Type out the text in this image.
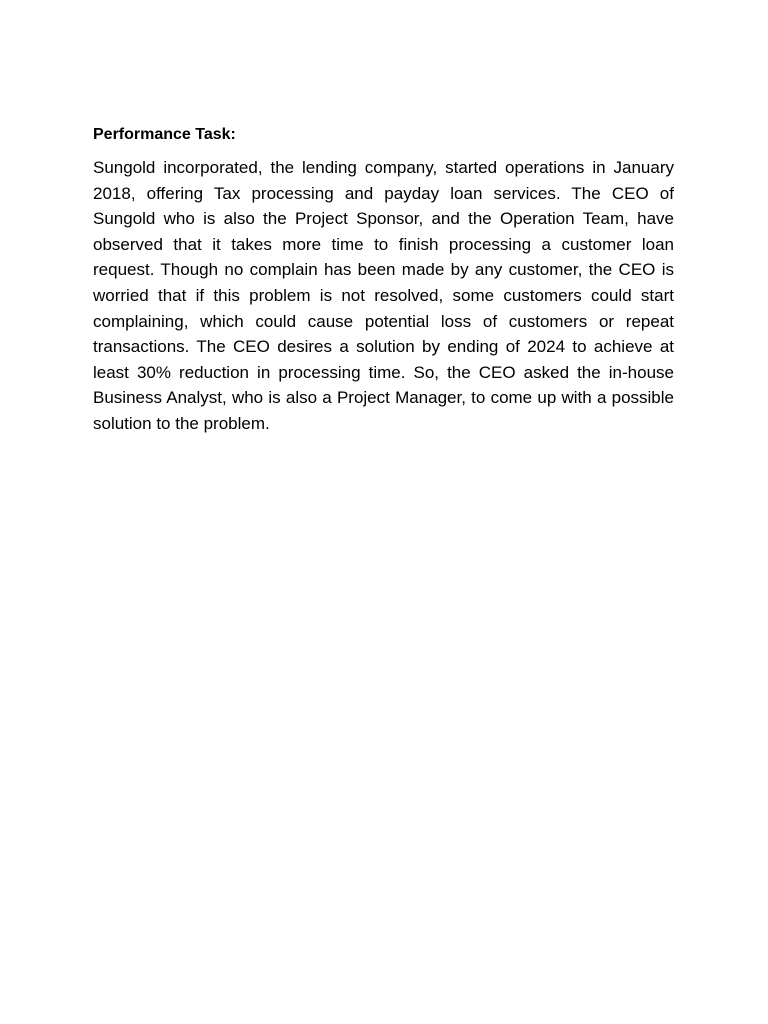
Performance Task:

Sungold incorporated, the lending company, started operations in January 2018, offering Tax processing and payday loan services. The CEO of Sungold who is also the Project Sponsor, and the Operation Team, have observed that it takes more time to finish processing a customer loan request. Though no complain has been made by any customer, the CEO is worried that if this problem is not resolved, some customers could start complaining, which could cause potential loss of customers or repeat transactions. The CEO desires a solution by ending of 2024 to achieve at least 30% reduction in processing time. So, the CEO asked the in-house Business Analyst, who is also a Project Manager, to come up with a possible solution to the problem.
